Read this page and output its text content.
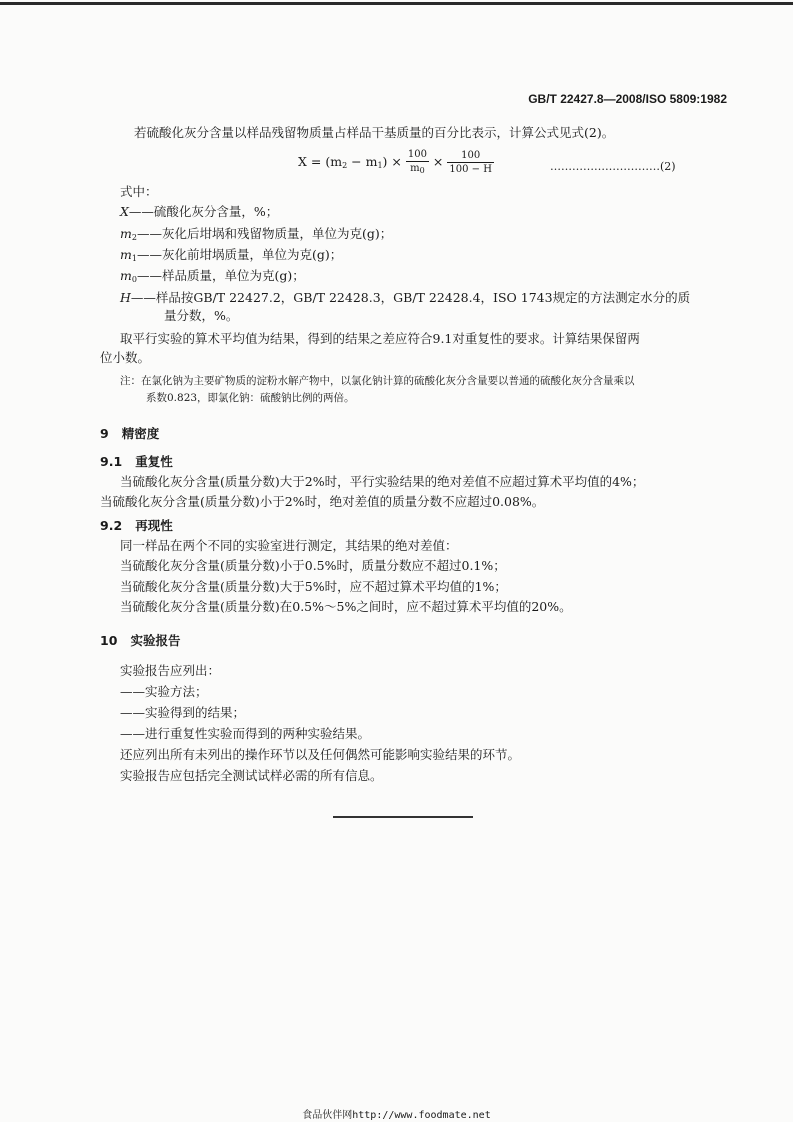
GB/T 22427.8—2008/ISO 5809:1982
若硫酸化灰分含量以样品残留物质量占样品干基质量的百分比表示，计算公式见式(2)。
$X = (m_2 - m_1) \times \frac{100}{m_0} \times \frac{100}{100 - H}$	…………………………(2)
式中：
X——硫酸化灰分含量，%；
$m_2——$灰化后坩埚和残留物质量，单位为克(g)；
$m_1——$灰化前坩埚质量，单位为克(g)；
$m_0——$样品质量，单位为克(g)；
H——样品按GB/T 22427.2，GB/T 22428.3，GB/T 22428.4，ISO 1743规定的方法测定水分的质
量分数，%。
取平行实验的算术平均值为结果，得到的结果之差应符合9.1对重复性的要求。计算结果保留两
位小数。
注：在氯化钠为主要矿物质的淀粉水解产物中，以氯化钠计算的硫酸化灰分含量要以普通的硫酸化灰分含量乘以
系数0.823，即氯化钠：硫酸钠比例的两倍。
9 精密度
9.1 重复性
当硫酸化灰分含量(质量分数)大于2%时，平行实验结果的绝对差值不应超过算术平均值的4%；
当硫酸化灰分含量(质量分数)小于2%时，绝对差值的质量分数不应超过0.08%。
9.2 再现性
同一样品在两个不同的实验室进行测定，其结果的绝对差值：
当硫酸化灰分含量(质量分数)小于0.5%时，质量分数应不超过0.1%；
当硫酸化灰分含量(质量分数)大于5%时，应不超过算术平均值的1%；
当硫酸化灰分含量(质量分数)在0.5%～5%之间时，应不超过算术平均值的20%。
10 实验报告
实验报告应列出：
——实验方法；
——实验得到的结果；
——进行重复性实验而得到的两种实验结果。
还应列出所有未列出的操作环节以及任何偶然可能影响实验结果的环节。
实验报告应包括完全测试试样必需的所有信息。
食品伙伴网http://www.foodmate.net
